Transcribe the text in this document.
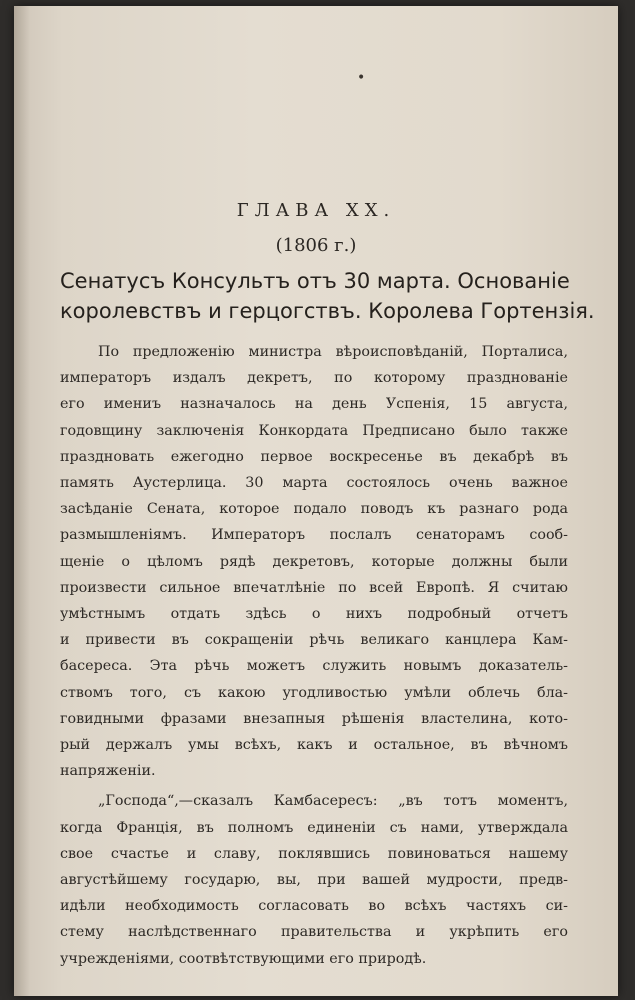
•
ГЛАВА ХХ.
(1806 г.)
Сенатусъ Консультъ отъ 30 марта. Основаніе
королевствъ и герцогствъ. Королева Гортензія.
По предложенію министра вѣроисповѣданій, Порталиса,
императоръ издалъ декретъ, по которому празднованіе
его имениъ назначалось на день Успенія, 15 августа,
годовщину заключенія Конкордата Предписано было также
праздновать ежегодно первое воскресенье въ декабрѣ въ
память Аустерлица. 30 марта состоялось очень важное
засѣданіе Сената, которое подало поводъ къ разнаго рода
размышленіямъ. Императоръ послалъ сенаторамъ сооб-
щеніе о цѣломъ рядѣ декретовъ, которые должны были
произвести сильное впечатлѣніе по всей Европѣ. Я считаю
умѣстнымъ отдать здѣсь о нихъ подробный отчетъ
и привести въ сокращеніи рѣчь великаго канцлера Кам-
басереса. Эта рѣчь можетъ служить новымъ доказатель-
ствомъ того, съ какою угодливостью умѣли облечь бла-
говидными фразами внезапныя рѣшенія властелина, кото-
рый держалъ умы всѣхъ, какъ и остальное, въ вѣчномъ
напряженіи.
„Господа“,—сказалъ Камбасересъ: „въ тотъ моментъ,
когда Франція, въ полномъ единеніи съ нами, утверждала
свое счастье и славу, поклявшись повиноваться нашему
августѣйшему государю, вы, при вашей мудрости, предв-
идѣли необходимость согласовать во всѣхъ частяхъ си-
стему наслѣдственнаго правительства и укрѣпить его
учрежденіями, соотвѣтствующими его природѣ.
